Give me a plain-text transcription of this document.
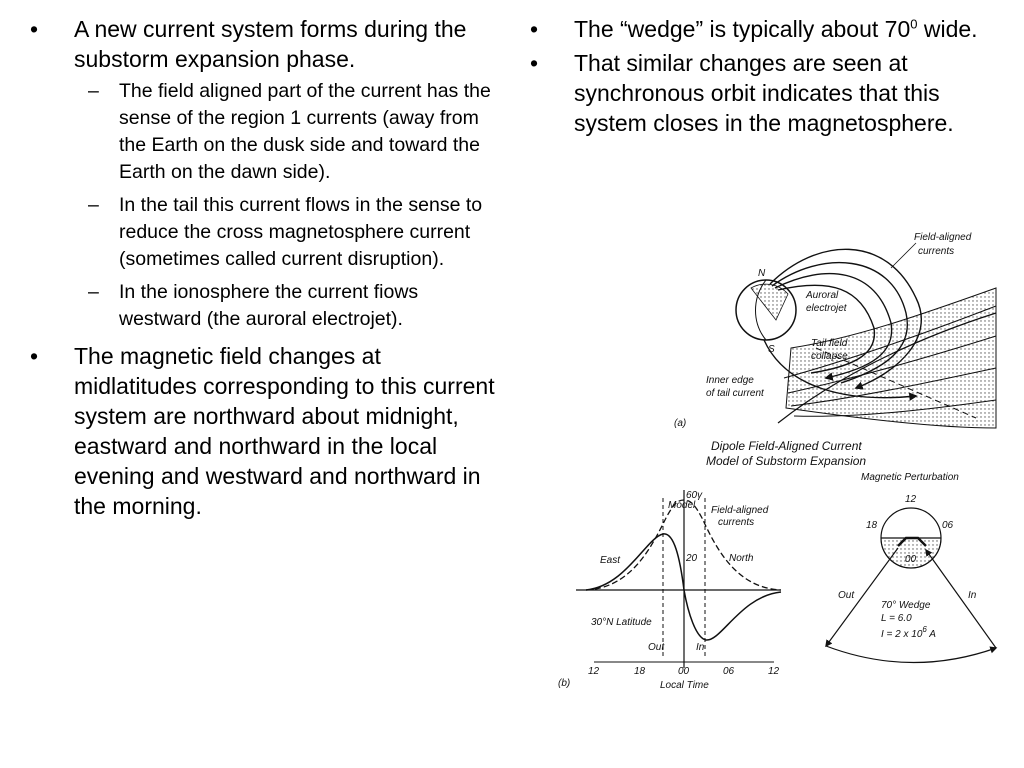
•	A new current system forms during the substorm expansion phase.
–	The field aligned part of the current has the sense of the region 1 currents (away from the Earth on the dusk side and toward the Earth on the dawn side).
–	In the tail this current flows in the sense to reduce the cross magnetosphere current (sometimes called current disruption).
–	In the ionosphere the current fiows westward (the auroral electrojet).
•	The magnetic field changes at midlatitudes corresponding to this current system are northward about midnight, eastward and northward in the local evening and westward and northward in the morning.
•	The “wedge” is typically about $70^0$ wide.
•	That similar changes are seen at synchronous orbit indicates that this system closes in the magnetosphere.
Field-aligned
currents
Auroral
electrojet
Tail field
collapse
Inner edge
of tail current
N
S
(a)
Dipole Field-Aligned Current
Model of Substorm Expansion
Model
60γ
20
Field-aligned
currents
East	North
30°N Latitude
Out	In
12	18	00	06	12
Local Time
(b)
Magnetic Perturbation
12
18	06
00
Out	In
70° Wedge
L = 6.0
I = 2 x $10^6$ A
